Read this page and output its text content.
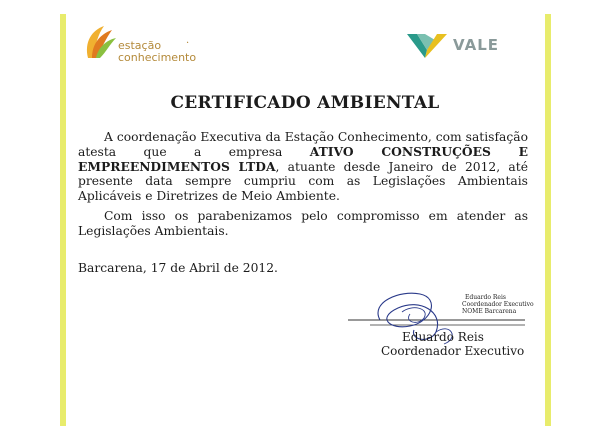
estação
conhecimento
·	VALE
CERTIFICADO AMBIENTAL
A coordenação Executiva da Estação Conhecimento, com satisfação atesta que a empresa ATIVO CONSTRUÇÕES E EMPREENDIMENTOS LTDA, atuante desde Janeiro de 2012, até presente data sempre cumpriu com as Legislações Ambientais Aplicáveis e Diretrizes de Meio Ambiente.
Com isso os parabenizamos pelo compromisso em atender as Legislações Ambientais.
Barcarena, 17 de Abril de 2012.
Eduardo Reis
Coordenador Executivo
NOME Barcarena
Eduardo Reis
Coordenador Executivo
